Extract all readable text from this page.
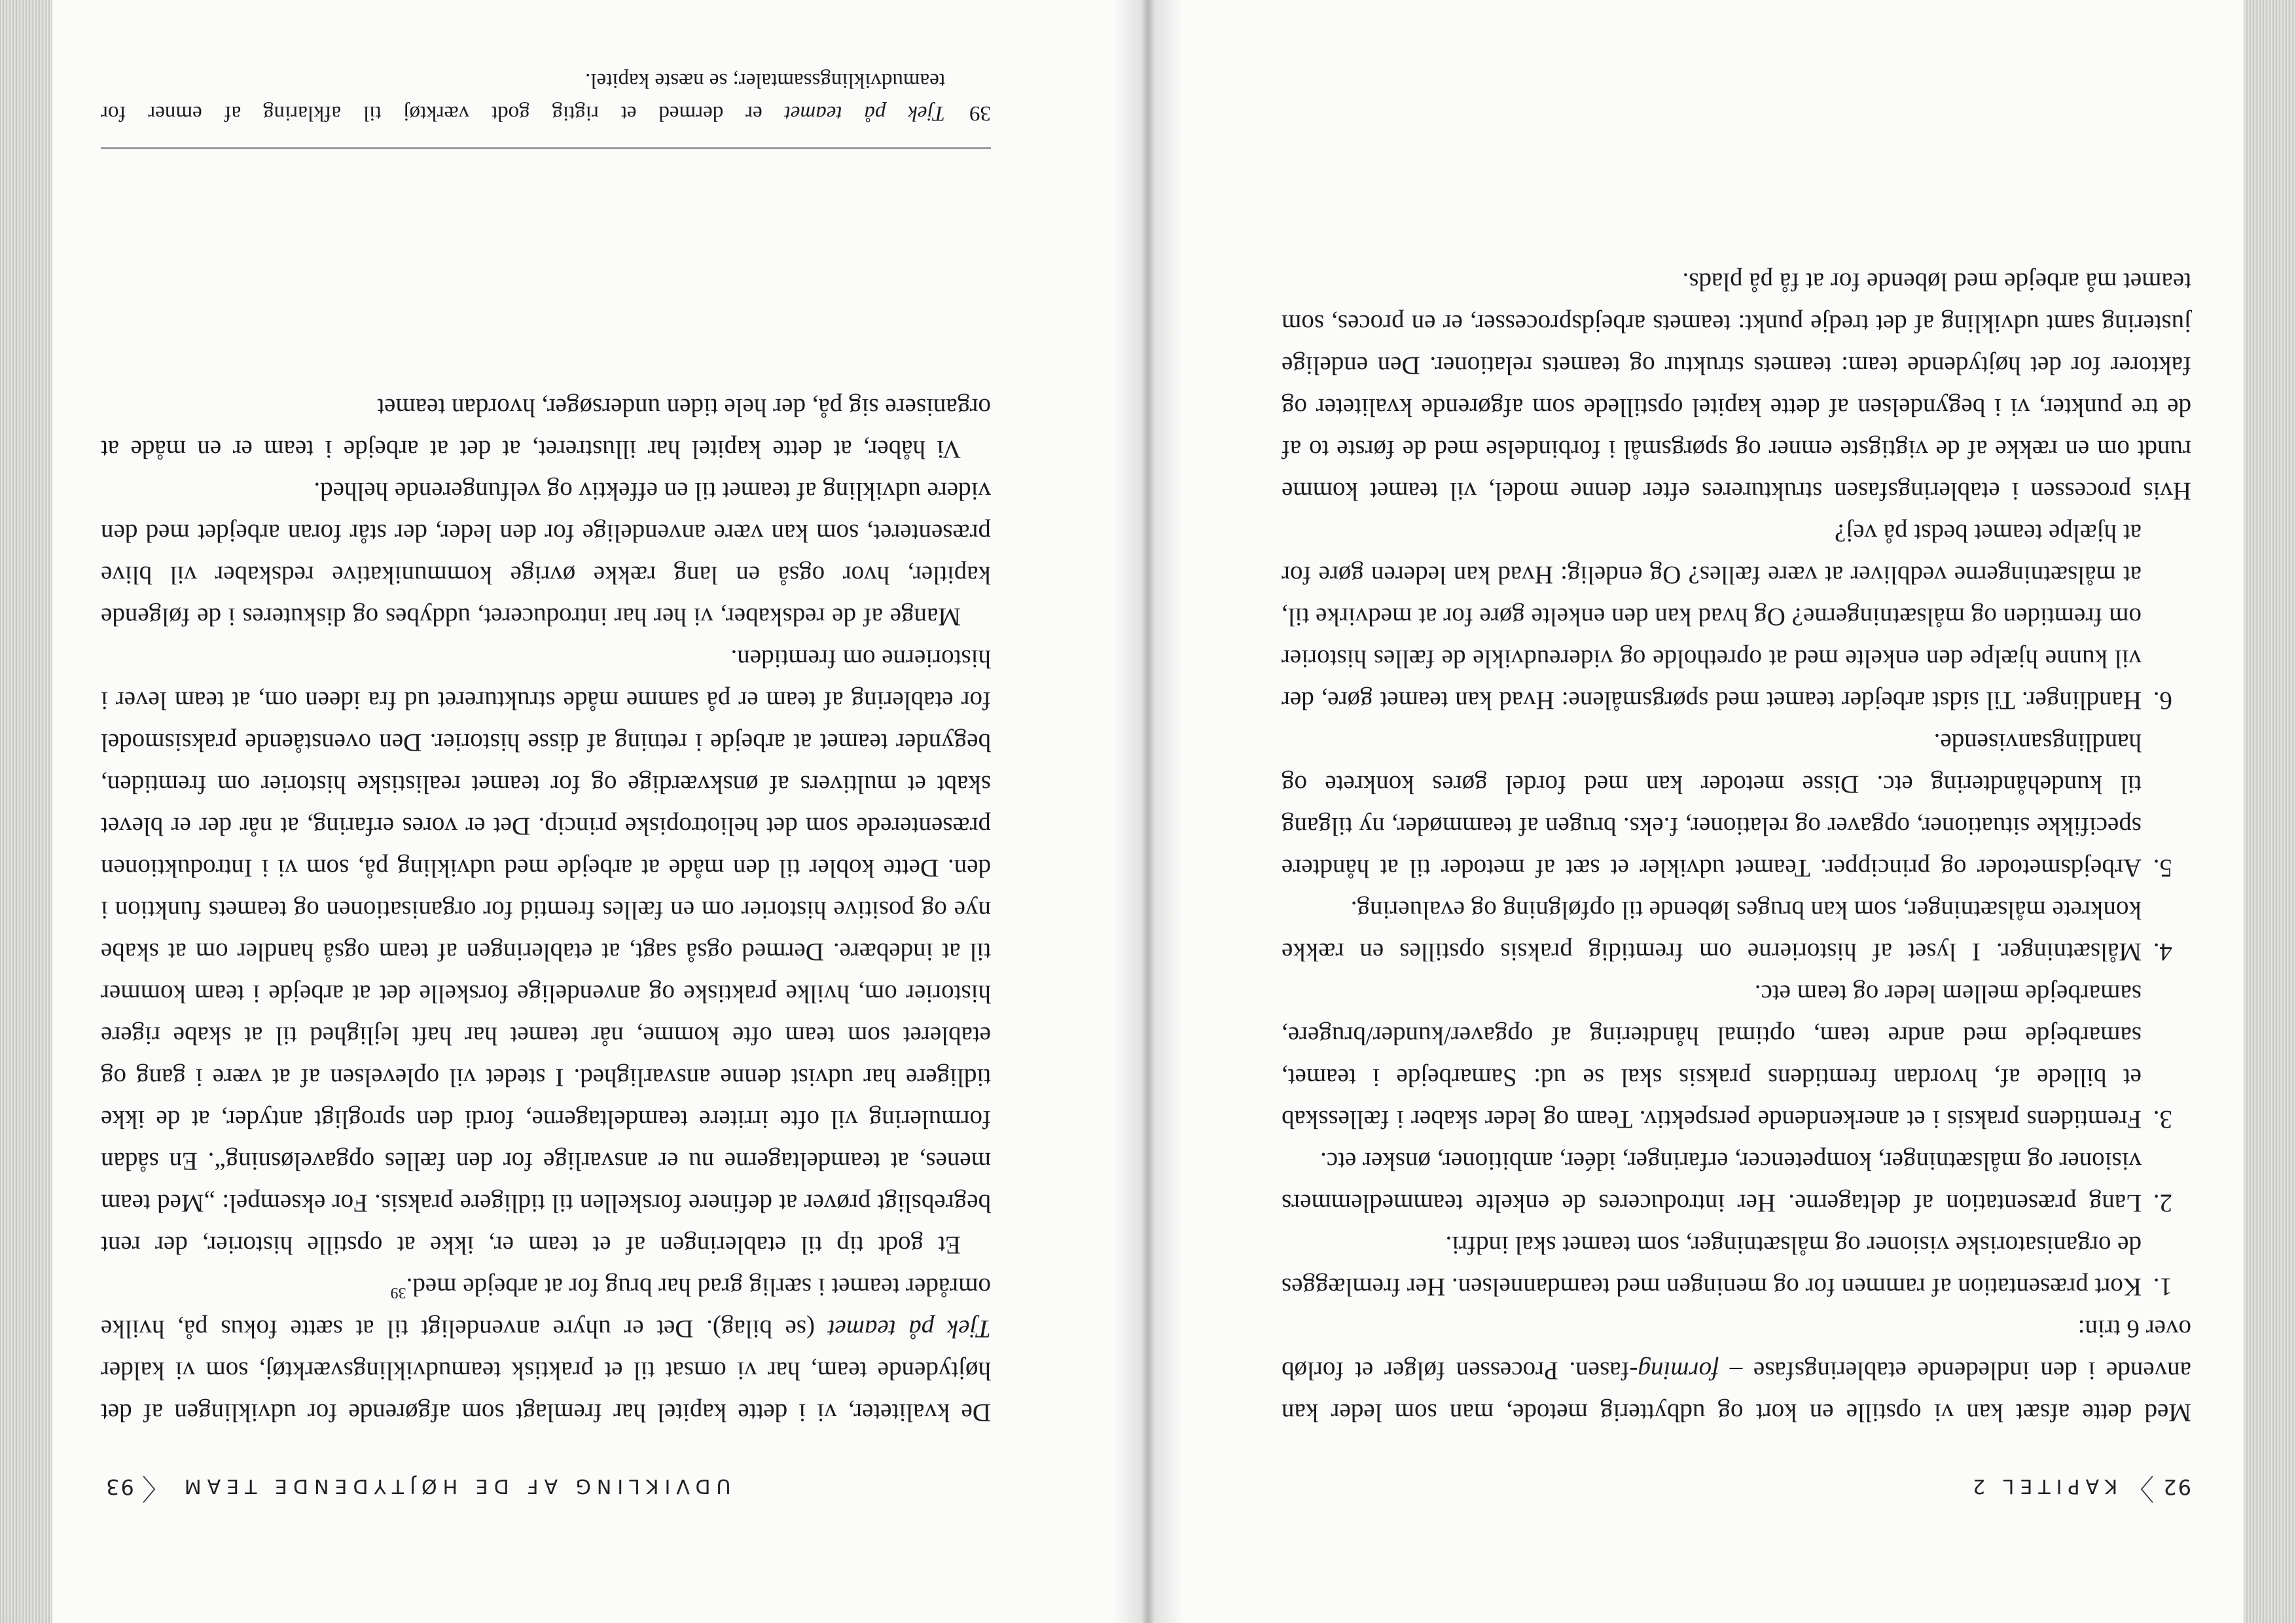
92〉KAPITEL 2

Med dette afsæt kan vi opstille en kort og udbytterig metode, man som leder kan anvende i den indledende etableringsfase – forming-fasen. Processen følger et forløb over 6 trin:

1. Kort præsentation af rammen for og meningen med teamdannelsen. Her fremlægges de organisatoriske visioner og målsætninger, som teamet skal indfri.
2. Lang præsentation af deltagerne. Her introduceres de enkelte teammedlemmers visioner og målsætninger, kompetencer, erfaringer, idéer, ambitioner, ønsker etc.
3. Fremtidens praksis i et anerkendende perspektiv. Team og leder skaber i fællesskab et billede af, hvordan fremtidens praksis skal se ud: Samarbejde i teamet, samarbejde med andre team, optimal håndtering af opgaver/kunder/brugere, samarbejde mellem leder og team etc.
4. Målsætninger. I lyset af historierne om fremtidig praksis opstilles en række konkrete målsætninger, som kan bruges løbende til opfølgning og evaluering.
5. Arbejdsmetoder og principper. Teamet udvikler et sæt af metoder til at håndtere specifikke situationer, opgaver og relationer, f.eks. brugen af teammøder, ny tilgang til kundehåndtering etc. Disse metoder kan med fordel gøres konkrete og handlingsanvisende.
6. Handlinger. Til sidst arbejder teamet med spørgsmålene: Hvad kan teamet gøre, der vil kunne hjælpe den enkelte med at opretholde og videreudvikle de fælles historier om fremtiden og målsætningerne? Og hvad kan den enkelte gøre for at medvirke til, at målsætningerne vedbliver at være fælles? Og endelig: Hvad kan lederen gøre for at hjælpe teamet bedst på vej?

Hvis processen i etableringsfasen struktureres efter denne model, vil teamet komme rundt om en række af de vigtigste emner og spørgsmål i forbindelse med de første to af de tre punkter, vi i begyndelsen af dette kapitel opstillede som afgørende kvaliteter og faktorer for det højtydende team: teamets struktur og teamets relationer. Den endelige justering samt udvikling af det tredje punkt: teamets arbejdsprocesser, er en proces, som teamet må arbejde med løbende for at få på plads.

UDVIKLING AF DE HØJTYDENDE TEAM〈93

De kvaliteter, vi i dette kapitel har fremlagt som afgørende for udviklingen af det højtydende team, har vi omsat til et praktisk teamudviklingsværktøj, som vi kalder Tjek på teamet (se bilag). Det er uhyre anvendeligt til at sætte fokus på, hvilke områder teamet i særlig grad har brug for at arbejde med.$^{39}$

Et godt tip til etableringen af et team er, ikke at opstille historier, der rent begrebsligt prøver at definere forskellen til tidligere praksis. For eksempel: „Med team menes, at teamdeltagerne nu er ansvarlige for den fælles opgaveløsning“. En sådan formulering vil ofte irritere teamdeltagerne, fordi den sprogligt antyder, at de ikke tidligere har udvist denne ansvarlighed. I stedet vil oplevelsen af at være i gang og etableret som team ofte komme, når teamet har haft lejlighed til at skabe rigere historier om, hvilke praktiske og anvendelige forskelle det at arbejde i team kommer til at indebære. Dermed også sagt, at etableringen af team også handler om at skabe nye og positive historier om en fælles fremtid for organisationen og teamets funktion i den. Dette kobler til den måde at arbejde med udvikling på, som vi i Introduktionen præsenterede som det heliotropiske princip. Det er vores erfaring, at når der er blevet skabt et multivers af ønskværdige og for teamet realistiske historier om fremtiden, begynder teamet at arbejde i retning af disse historier. Den ovenstående praksismodel for etablering af team er på samme måde struktureret ud fra ideen om, at team lever i historierne om fremtiden.

Mange af de redskaber, vi her har introduceret, uddybes og diskuteres i de følgende kapitler, hvor også en lang række øvrige kommunikative redskaber vil blive præsenteret, som kan være anvendelige for den leder, der står foran arbejdet med den videre udvikling af teamet til en effektiv og velfungerende helhed.

Vi håber, at dette kapitel har illustreret, at det at arbejde i team er en måde at organisere sig på, der hele tiden undersøger, hvordan teamet

39
Tjek på teamet er dermed et rigtig godt værktøj til afklaring af emner for teamudviklingssamtaler; se næste kapitel.
